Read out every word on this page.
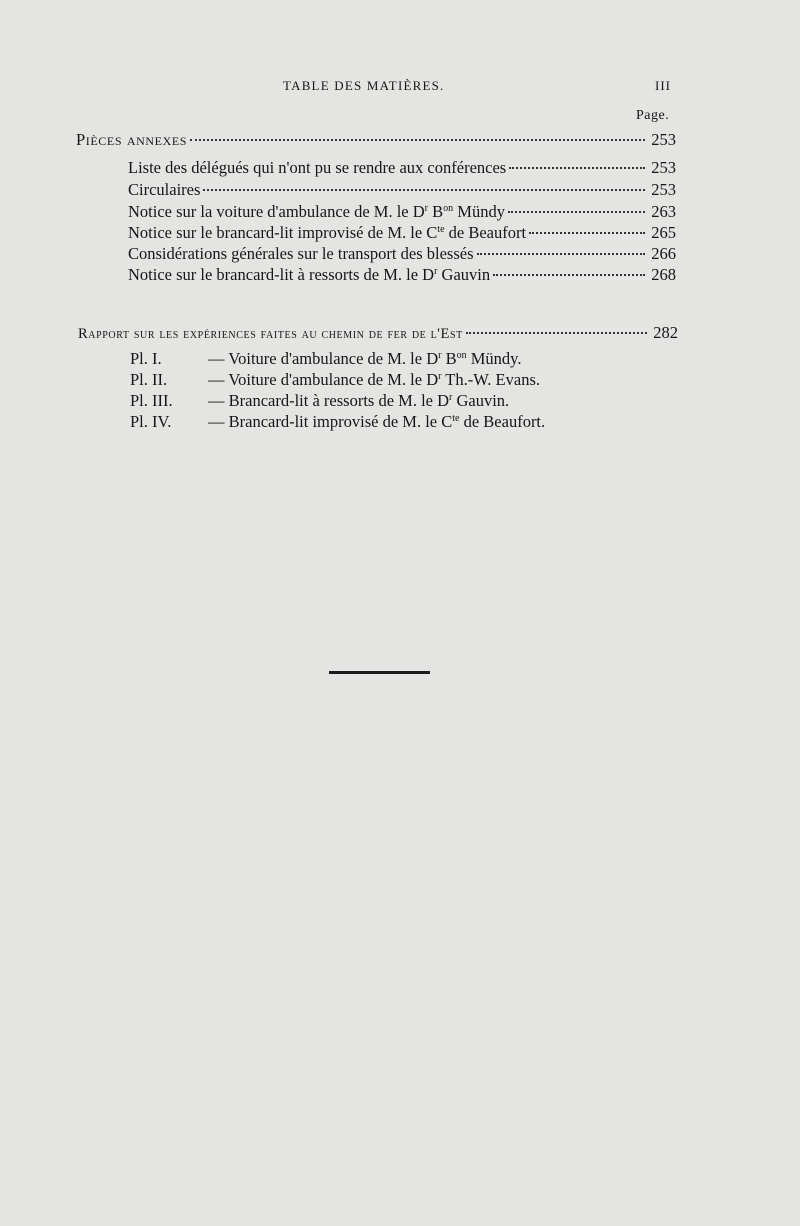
TABLE DES MATIÈRES.	III
Page.
Pièces annexes	253
Liste des délégués qui n'ont pu se rendre aux conférences	253
Circulaires	253
Notice sur la voiture d'ambulance de M. le $D^r$ $B^{on}$ Mündy	263
Notice sur le brancard-lit improvisé de M. le $C^{te}$ de Beaufort	265
Considérations générales sur le transport des blessés	266
Notice sur le brancard-lit à ressorts de M. le $D^r$ Gauvin	268
Rapport sur les expériences faites au chemin de fer de l'Est	282
Pl. I.	— Voiture d'ambulance de M. le $D^r$ $B^{on}$ Mündy.
Pl. II. — Voiture d'ambulance de M. le $D^r$ Th.-W. Evans.
Pl. III. — Brancard-lit à ressorts de M. le $D^r$ Gauvin.
Pl. IV. — Brancard-lit improvisé de M. le $C^{te}$ de Beaufort.
